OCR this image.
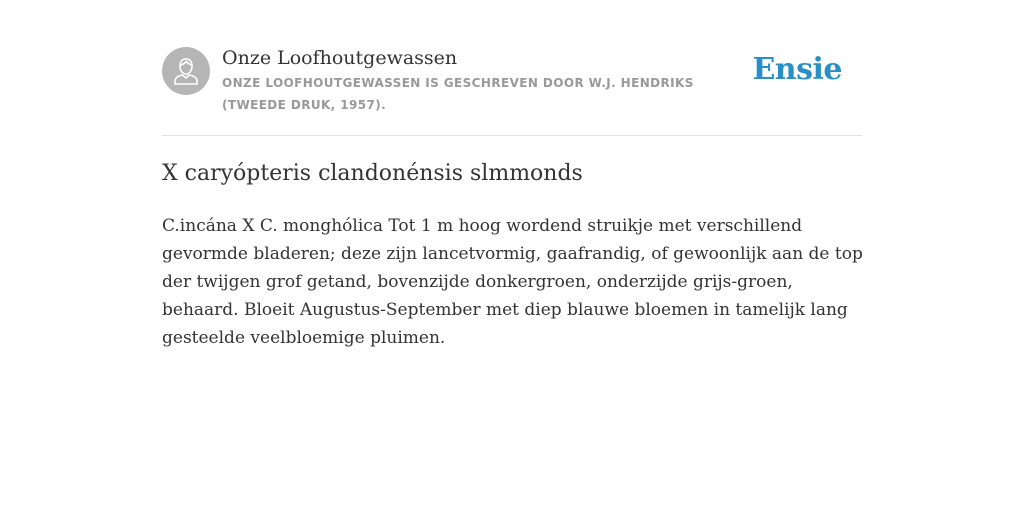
Onze Loofhoutgewassen
ONZE LOOFHOUTGEWASSEN IS GESCHREVEN DOOR W.J. HENDRIKS (TWEEDE DRUK, 1957).
Ensie
X caryópteris clandonénsis slmmonds

C.incána X C. monghólica Tot 1 m hoog wordend struikje met verschillend gevormde bladeren; deze zijn lancetvormig, gaafrandig, of gewoonlijk aan de top der twijgen grof getand, bovenzijde donkergroen, onderzijde grijs-groen, behaard. Bloeit Augustus-September met diep blauwe bloemen in tamelijk lang gesteelde veelbloemige pluimen.
